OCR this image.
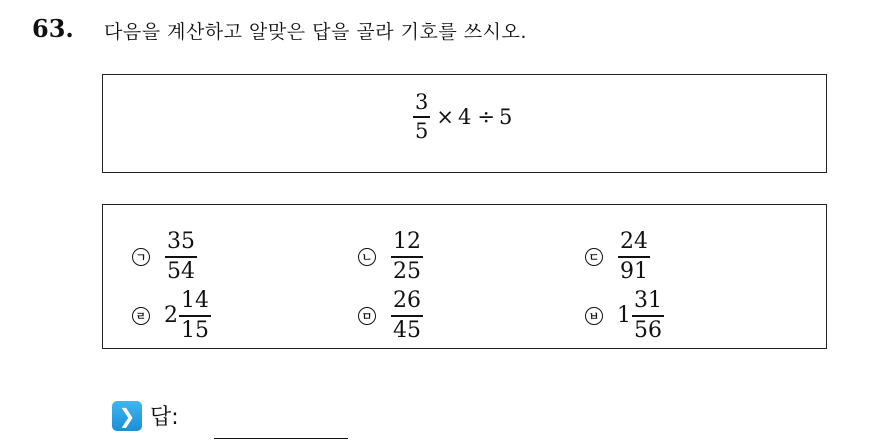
63. 다음을 계산하고 알맞은 답을 골라 기호를 쓰시오.
$\frac{3}{5} \times 4 \div 5$
ㄱ $\frac{35}{54}$	ㄴ $\frac{12}{25}$	ㄷ $\frac{24}{91}$
ㄹ $2 \frac{14}{15}$	ㅁ $\frac{26}{45}$	ㅂ $1 \frac{31}{56}$
❯ 답:
